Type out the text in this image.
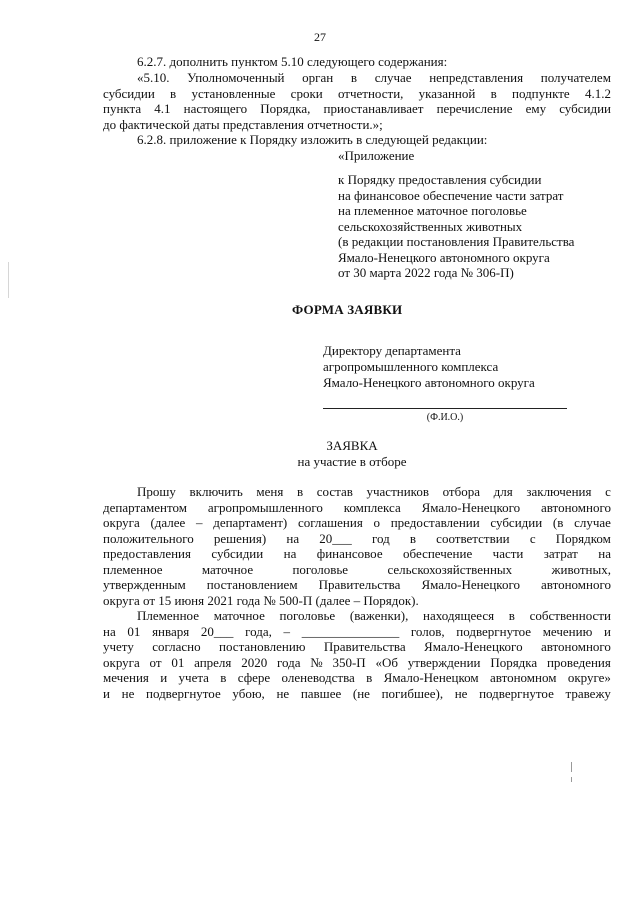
27
6.2.7. дополнить пунктом 5.10 следующего содержания:
«5.10. Уполномоченный орган в случае непредставления получателем
субсидии в установленные сроки отчетности, указанной в подпункте 4.1.2
пункта 4.1 настоящего Порядка, приостанавливает перечисление ему субсидии
до фактической даты представления отчетности.»;
6.2.8. приложение к Порядку изложить в следующей редакции:
«Приложение
к Порядку предоставления субсидии
на финансовое обеспечение части затрат
на племенное маточное поголовье
сельскохозяйственных животных
(в редакции постановления Правительства
Ямало-Ненецкого автономного округа
от 30 марта 2022 года № 306-П)
ФОРМА ЗАЯВКИ
Директору департамента
агропромышленного комплекса
Ямало-Ненецкого автономного округа
(Ф.И.О.)
ЗАЯВКА
на участие в отборе
Прошу включить меня в состав участников отбора для заключения с
департаментом агропромышленного комплекса Ямало-Ненецкого автономного
округа (далее – департамент) соглашения о предоставлении субсидии (в случае
положительного решения) на 20___ год в соответствии с Порядком
предоставления субсидии на финансовое обеспечение части затрат на
племенное	маточное	поголовье	сельскохозяйственных	животных,
утвержденным постановлением Правительства Ямало-Ненецкого автономного
округа от 15 июня 2021 года № 500-П (далее – Порядок).
Племенное маточное поголовье (важенки), находящееся в собственности
на 01 января 20___ года, – _______________ голов, подвергнутое мечению и
учету согласно постановлению Правительства Ямало-Ненецкого автономного
округа от 01 апреля 2020 года № 350-П «Об утверждении Порядка проведения
мечения и учета в сфере оленеводства в Ямало-Ненецком автономном округе»
и не подвергнутое убою, не павшее (не погибшее), не подвергнутое травежу
